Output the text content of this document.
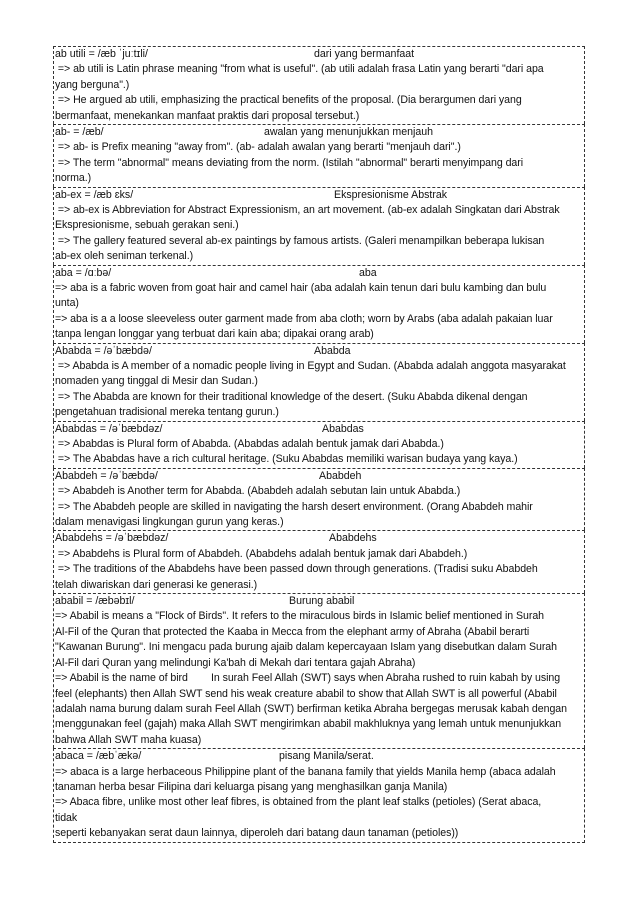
ab utili = /æb ˈjuːtɪli/	dari yang bermanfaat
=> ab utili is Latin phrase meaning "from what is useful". (ab utili adalah frasa Latin yang berarti "dari apa
yang berguna".)
=> He argued ab utili, emphasizing the practical benefits of the proposal. (Dia berargumen dari yang
bermanfaat, menekankan manfaat praktis dari proposal tersebut.)
ab- = /æb/	awalan yang menunjukkan menjauh
=> ab- is Prefix meaning "away from". (ab- adalah awalan yang berarti "menjauh dari".)
=> The term "abnormal" means deviating from the norm. (Istilah "abnormal" berarti menyimpang dari
norma.)
ab-ex = /æb ɛks/	Ekspresionisme Abstrak
=> ab-ex is Abbreviation for Abstract Expressionism, an art movement. (ab-ex adalah Singkatan dari Abstrak
Ekspresionisme, sebuah gerakan seni.)
=> The gallery featured several ab-ex paintings by famous artists. (Galeri menampilkan beberapa lukisan
ab-ex oleh seniman terkenal.)
aba = /ɑːbə/	aba
=> aba is a fabric woven from goat hair and camel hair (aba adalah kain tenun dari bulu kambing dan bulu
unta)
=> aba is a a loose sleeveless outer garment made from aba cloth; worn by Arabs (aba adalah pakaian luar
tanpa lengan longgar yang terbuat dari kain aba; dipakai orang arab)
Ababda = /əˈbæbdə/	Ababda
=> Ababda is A member of a nomadic people living in Egypt and Sudan. (Ababda adalah anggota masyarakat
nomaden yang tinggal di Mesir dan Sudan.)
=> The Ababda are known for their traditional knowledge of the desert. (Suku Ababda dikenal dengan
pengetahuan tradisional mereka tentang gurun.)
Ababdas = /əˈbæbdəz/	Ababdas
=> Ababdas is Plural form of Ababda. (Ababdas adalah bentuk jamak dari Ababda.)
=> The Ababdas have a rich cultural heritage. (Suku Ababdas memiliki warisan budaya yang kaya.)
Ababdeh = /əˈbæbdə/	Ababdeh
=> Ababdeh is Another term for Ababda. (Ababdeh adalah sebutan lain untuk Ababda.)
=> The Ababdeh people are skilled in navigating the harsh desert environment. (Orang Ababdeh mahir
dalam menavigasi lingkungan gurun yang keras.)
Ababdehs = /əˈbæbdəz/	Ababdehs
=> Ababdehs is Plural form of Ababdeh. (Ababdehs adalah bentuk jamak dari Ababdeh.)
=> The traditions of the Ababdehs have been passed down through generations. (Tradisi suku Ababdeh
telah diwariskan dari generasi ke generasi.)
ababil = /æbəbɪl/	Burung ababil
=> Ababil is means a "Flock of Birds". It refers to the miraculous birds in Islamic belief mentioned in Surah
Al-Fil of the Quran that protected the Kaaba in Mecca from the elephant army of Abraha (Ababil berarti
"Kawanan Burung". Ini mengacu pada burung ajaib dalam kepercayaan Islam yang disebutkan dalam Surah
Al-Fil dari Quran yang melindungi Ka'bah di Mekah dari tentara gajah Abraha)
=> Ababil is the name of bird        In surah Feel Allah (SWT) says when Abraha rushed to ruin kabah by using
feel (elephants) then Allah SWT send his weak creature ababil to show that Allah SWT is all powerful (Ababil
adalah nama burung dalam surah Feel Allah (SWT) berfirman ketika Abraha bergegas merusak kabah dengan
menggunakan feel (gajah) maka Allah SWT mengirimkan ababil makhluknya yang lemah untuk menunjukkan
bahwa Allah SWT maha kuasa)
abaca = /æbˈækə/	pisang Manila/serat.
=> abaca is a large herbaceous Philippine plant of the banana family that yields Manila hemp (abaca adalah
tanaman herba besar Filipina dari keluarga pisang yang menghasilkan ganja Manila)
=> Abaca fibre, unlike most other leaf fibres, is obtained from the plant leaf stalks (petioles) (Serat abaca,
tidak
seperti kebanyakan serat daun lainnya, diperoleh dari batang daun tanaman (petioles))
